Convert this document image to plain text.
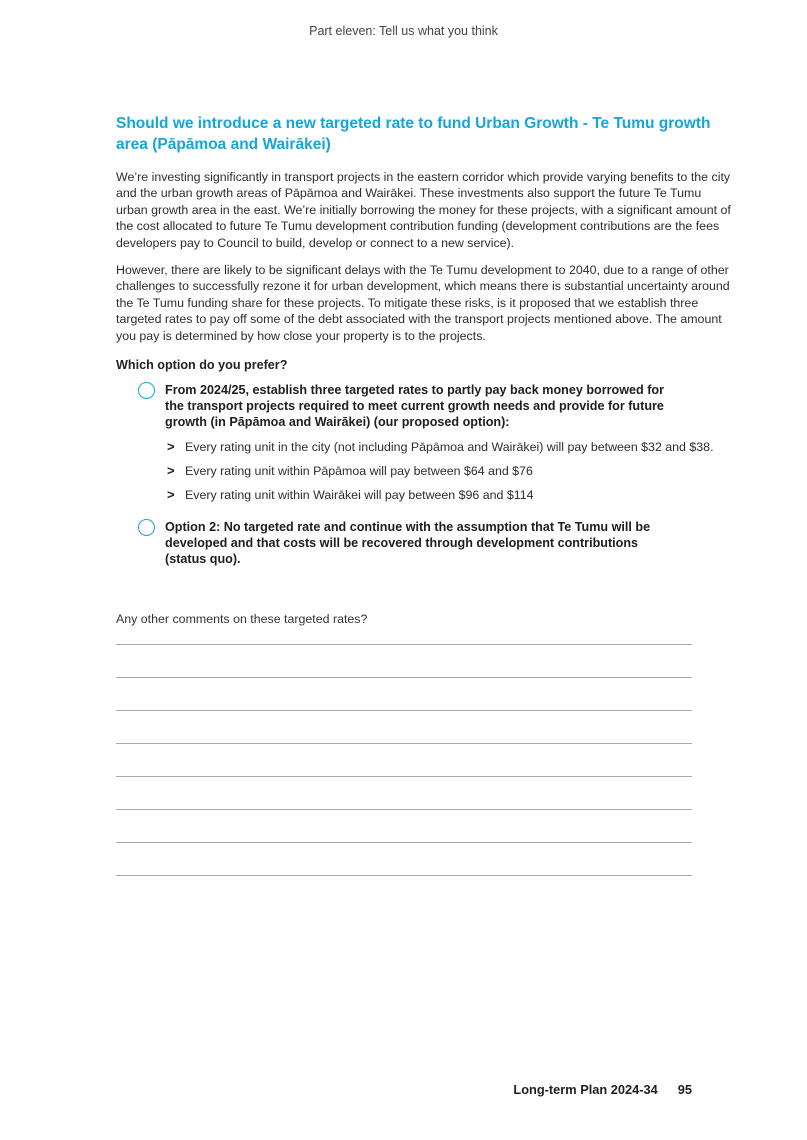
Part eleven: Tell us what you think
Should we introduce a new targeted rate to fund Urban Growth - Te Tumu growth area (Pāpāmoa and Wairākei)

We’re investing significantly in transport projects in the eastern corridor which provide varying benefits to the city and the urban growth areas of Pāpāmoa and Wairākei. These investments also support the future Te Tumu urban growth area in the east. We’re initially borrowing the money for these projects, with a significant amount of the cost allocated to future Te Tumu development contribution funding (development contributions are the fees developers pay to Council to build, develop or connect to a new service).

However, there are likely to be significant delays with the Te Tumu development to 2040, due to a range of other challenges to successfully rezone it for urban development, which means there is substantial uncertainty around the Te Tumu funding share for these projects. To mitigate these risks, is it proposed that we establish three targeted rates to pay off some of the debt associated with the transport projects mentioned above. The amount you pay is determined by how close your property is to the projects.

Which option do you prefer?
From 2024/25, establish three targeted rates to partly pay back money borrowed for the transport projects required to meet current growth needs and provide for future growth (in Pāpāmoa and Wairākei) (our proposed option):
> Every rating unit in the city (not including Pāpāmoa and Wairākei) will pay between $32 and $38.
> Every rating unit within Pāpāmoa will pay between $64 and $76
> Every rating unit within Wairākei will pay between $96 and $114
Option 2: No targeted rate and continue with the assumption that Te Tumu will be developed and that costs will be recovered through development contributions (status quo).

Any other comments on these targeted rates?

Long-term Plan 2024-34 95
